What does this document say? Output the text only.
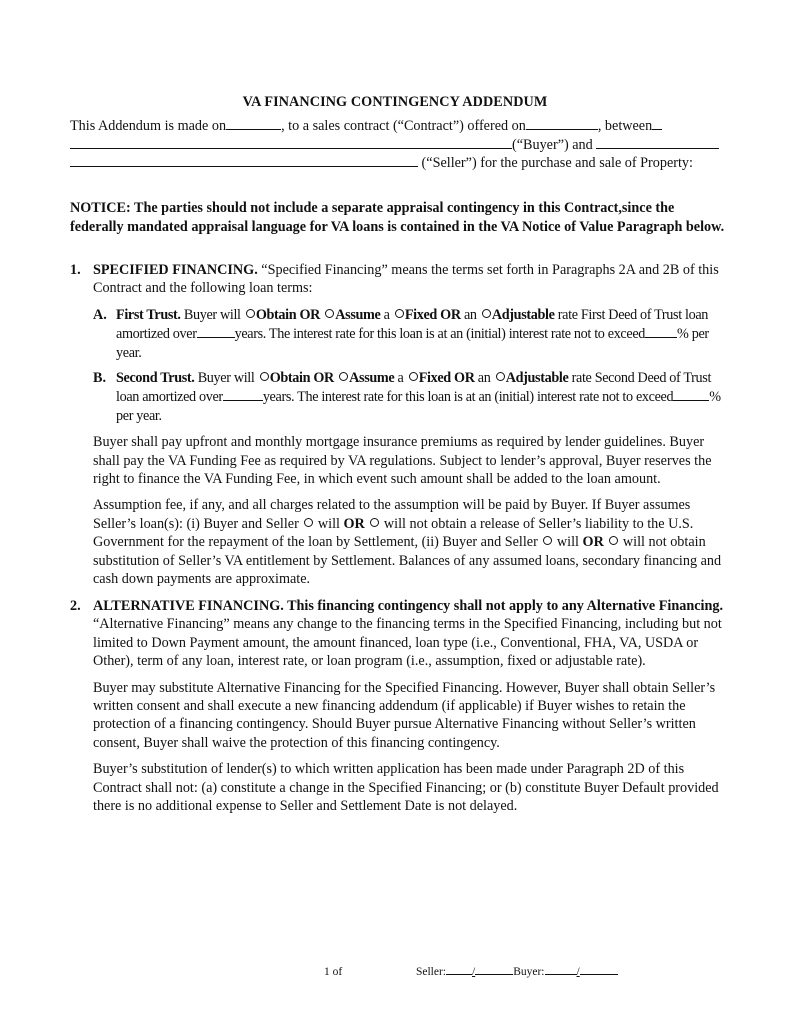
VA FINANCING CONTINGENCY ADDENDUM
This Addendum is made on	, to a sales contract (“Contract”) offered on	, between
(“Buyer”) and
(“Seller”) for the purchase and sale of Property:
NOTICE: The parties should not include a separate appraisal contingency in this Contract,since the federally mandated appraisal language for VA loans is contained in the VA Notice of Value Paragraph below.
1. SPECIFIED FINANCING. “Specified Financing” means the terms set forth in Paragraphs 2A and 2B of this Contract and the following loan terms:
A. First Trust. Buyer will Obtain OR Assume a Fixed OR an Adjustable rate First Deed of Trust loan amortized over	years. The interest rate for this loan is at an (initial) interest rate not to exceed % per year.
B. Second Trust. Buyer will Obtain OR Assume a Fixed OR an Adjustable rate Second Deed of Trust loan amortized over	years. The interest rate for this loan is at an (initial) interest rate not to exceed	% per year.
Buyer shall pay upfront and monthly mortgage insurance premiums as required by lender guidelines. Buyer shall pay the VA Funding Fee as required by VA regulations. Subject to lender’s approval, Buyer reserves the right to finance the VA Funding Fee, in which event such amount shall be added to the loan amount.
Assumption fee, if any, and all charges related to the assumption will be paid by Buyer. If Buyer assumes Seller’s loan(s): (i) Buyer and Seller  will OR  will not obtain a release of Seller’s liability to the U.S. Government for the repayment of the loan by Settlement, (ii) Buyer and Seller  will OR  will not obtain substitution of Seller’s VA entitlement by Settlement. Balances of any assumed loans, secondary financing and cash down payments are approximate.
2. ALTERNATIVE FINANCING. This financing contingency shall not apply to any Alternative Financing. “Alternative Financing” means any change to the financing terms in the Specified Financing, including but not limited to Down Payment amount, the amount financed, loan type (i.e., Conventional, FHA, VA, USDA or Other), term of any loan, interest rate, or loan program (i.e., assumption, fixed or adjustable rate).
Buyer may substitute Alternative Financing for the Specified Financing. However, Buyer shall obtain Seller’s written consent and shall execute a new financing addendum (if applicable) if Buyer wishes to retain the protection of a financing contingency. Should Buyer pursue Alternative Financing without Seller’s written consent, Buyer shall waive the protection of this financing contingency.
Buyer’s substitution of lender(s) to which written application has been made under Paragraph 2D of this Contract shall not: (a) constitute a change in the Specified Financing; or (b) constitute Buyer Default provided there is no additional expense to Seller and Settlement Date is not delayed.
1 of	Seller: /	Buyer:	/
